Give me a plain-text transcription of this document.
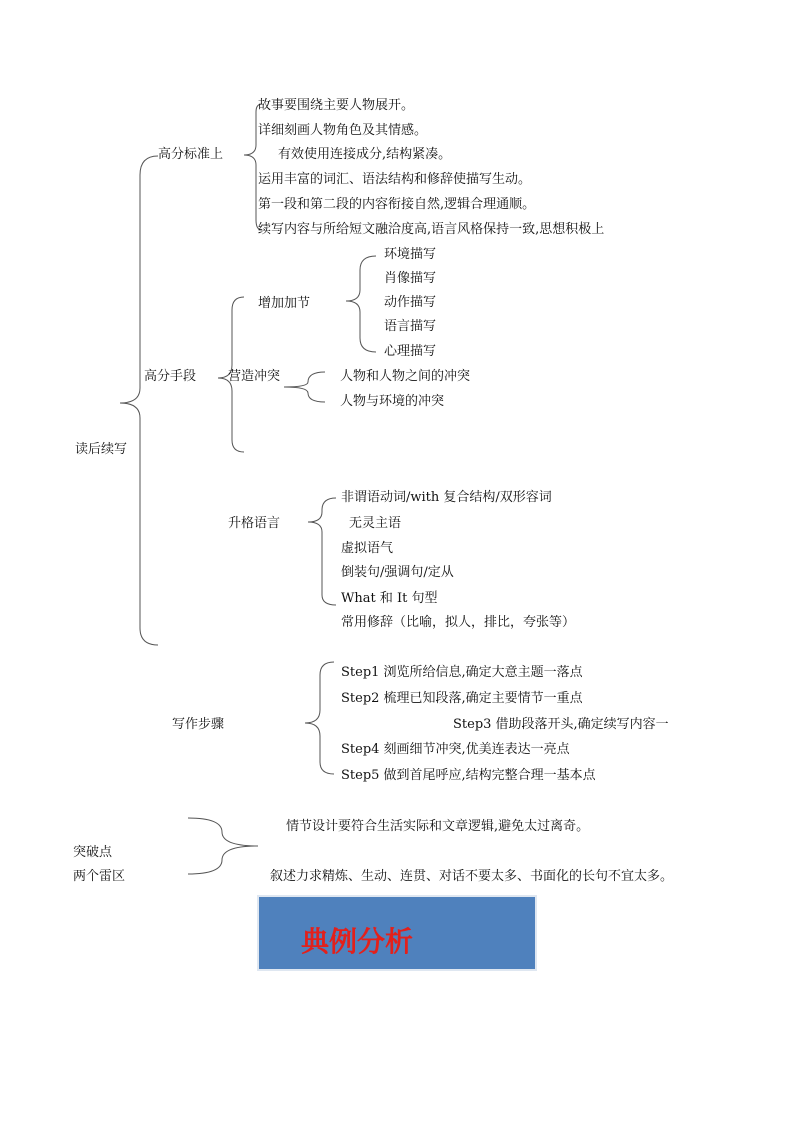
读后续写
高分标准上
故事要围绕主要人物展开。
详细刻画人物角色及其情感。
有效使用连接成分,结构紧凑。
运用丰富的词汇、语法结构和修辞使描写生动。
第一段和第二段的内容衔接自然,逻辑合理通顺。
续写内容与所给短文融洽度高,语言风格保持一致,思想积极上
高分手段
增加加节
环境描写
肖像描写
动作描写
语言描写
心理描写
营造冲突	人物和人物之间的冲突
人物与环境的冲突
升格语言
非谓语动词/with 复合结构/双形容词
无灵主语
虚拟语气
倒装句/强调句/定从
What 和 It 句型
常用修辞（比喻，拟人，排比，夸张等）
写作步骤
Step1 浏览所给信息,确定大意主题一落点
Step2 梳理已知段落,确定主要情节一重点
Step3 借助段落开头,确定续写内容一
Step4 刻画细节冲突,优美连表达一亮点
Step5 做到首尾呼应,结构完整合理一基本点
突破点
两个雷区
情节设计要符合生活实际和文章逻辑,避免太过离奇。
叙述力求精炼、生动、连贯、对话不要太多、书面化的长句不宜太多。
典例分析
